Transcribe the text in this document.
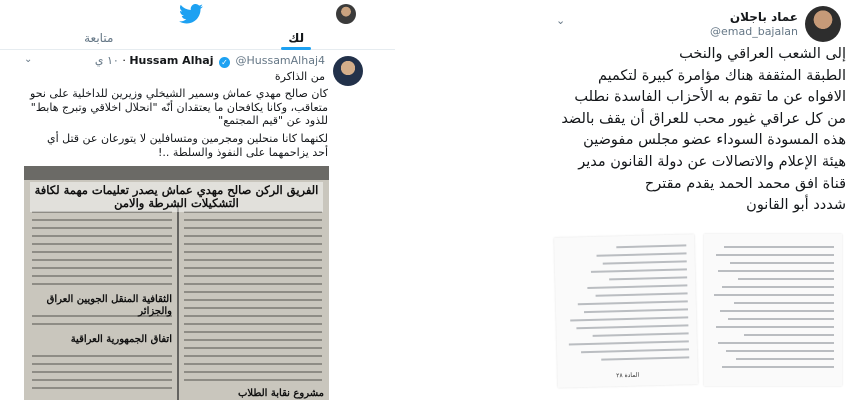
لك
متابعة
Hussam Alhaj ✓ @HussamAlhaj4 · ١٠ ي
⌄
من الذاكرة
كان صالح مهدي عماش وسمير الشيخلي وزيرين للداخلية على نحو متعاقب، وكانا يكافحان ما يعتقدان أنّه "انحلال اخلاقي وتبرج هابط" للذود عن "قيم المجتمع"
لكنهما كانا منحلين ومجرمين ومتسافلين لا يتورعان عن قتل أي أحد يزاحمهما على النفوذ والسلطة ..!
الفريق الركن صالح مهدي عماش يصدر تعليمات مهمة لكافة التشكيلات الشرطة والامن
الثقافية المنقل الجويين العراق والجزائر
اتفاق الجمهورية العراقية
مشروع نقابة الطلاب
عماد باجلان
@emad_bajalan
⌄
إلى الشعب العراقي والنخب
الطبقة المثقفة هناك مؤامرة كبيرة لتكميم الافواه عن ما تقوم به الأحزاب الفاسدة نطلب من كل عراقي غيور محب للعراق أن يقف بالضد هذه المسودة السوداء عضو مجلس مفوضين هيئة الإعلام والاتصالات عن دولة القانون مدير قناة افق محمد الحمد يقدم مقترح
شددد أبو القانون
المادة ٢٨
